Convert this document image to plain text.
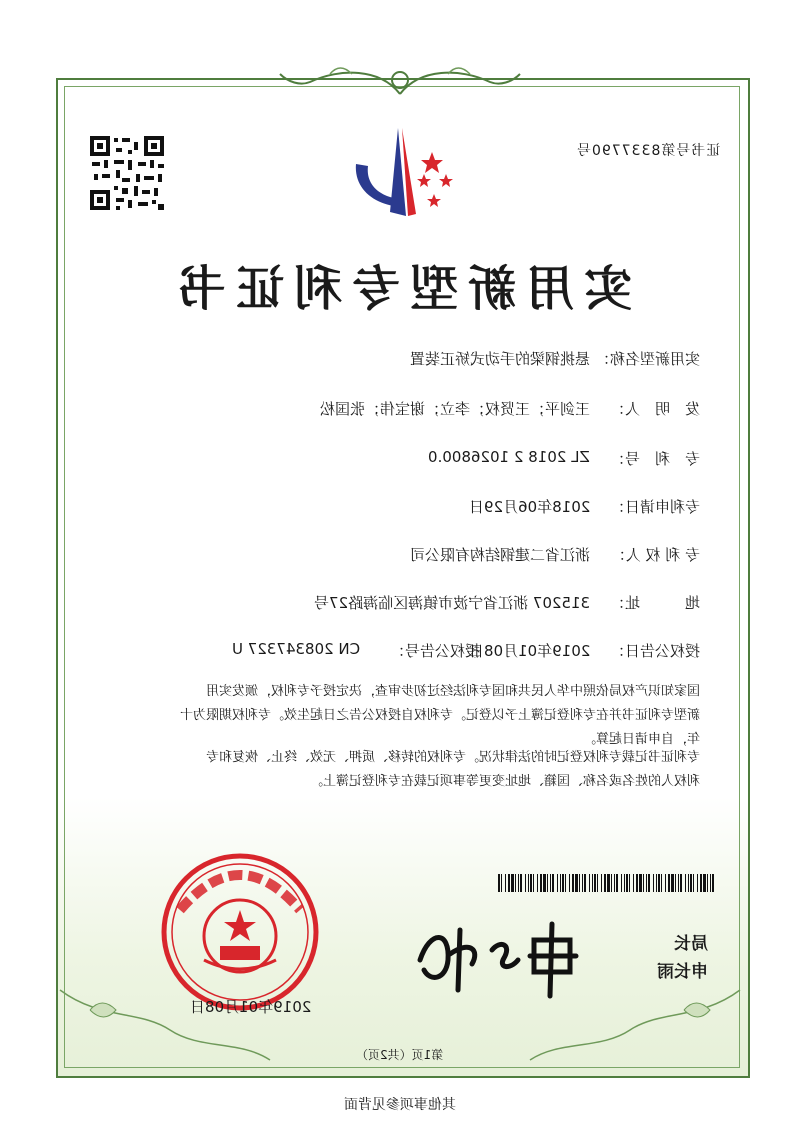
证书号第8337790号
实用新型专利证书
实用新型名称：
悬挑钢梁的手动式矫正装置
发　明　人：
王剑平；王贤权；李立；谢宝伟；张国松
专　利　号：
ZL 2018 2 1026800.0
专利申请日：
2018年06月29日
专 利 权 人：
浙江省二建钢结构有限公司
地　　　址：
315207 浙江省宁波市镇海区临海路27号
授权公告日：
2019年01月08日
授权公告号：
CN 208347327 U

国家知识产权局依照中华人民共和国专利法经过初步审查，决定授予专利权，颁发实用

新型专利证书并在专利登记簿上予以登记。专利权自授权公告之日起生效。专利权期限为十

年，自申请日起算。

专利证书记载专利权登记时的法律状况。专利权的转移、质押、无效、终止、恢复和专

利权人的姓名或名称、国籍、地址变更等事项记载在专利登记簿上。

局长
申长雨
2019年01月08日
第1页（共2页）
其他事项参见背面
